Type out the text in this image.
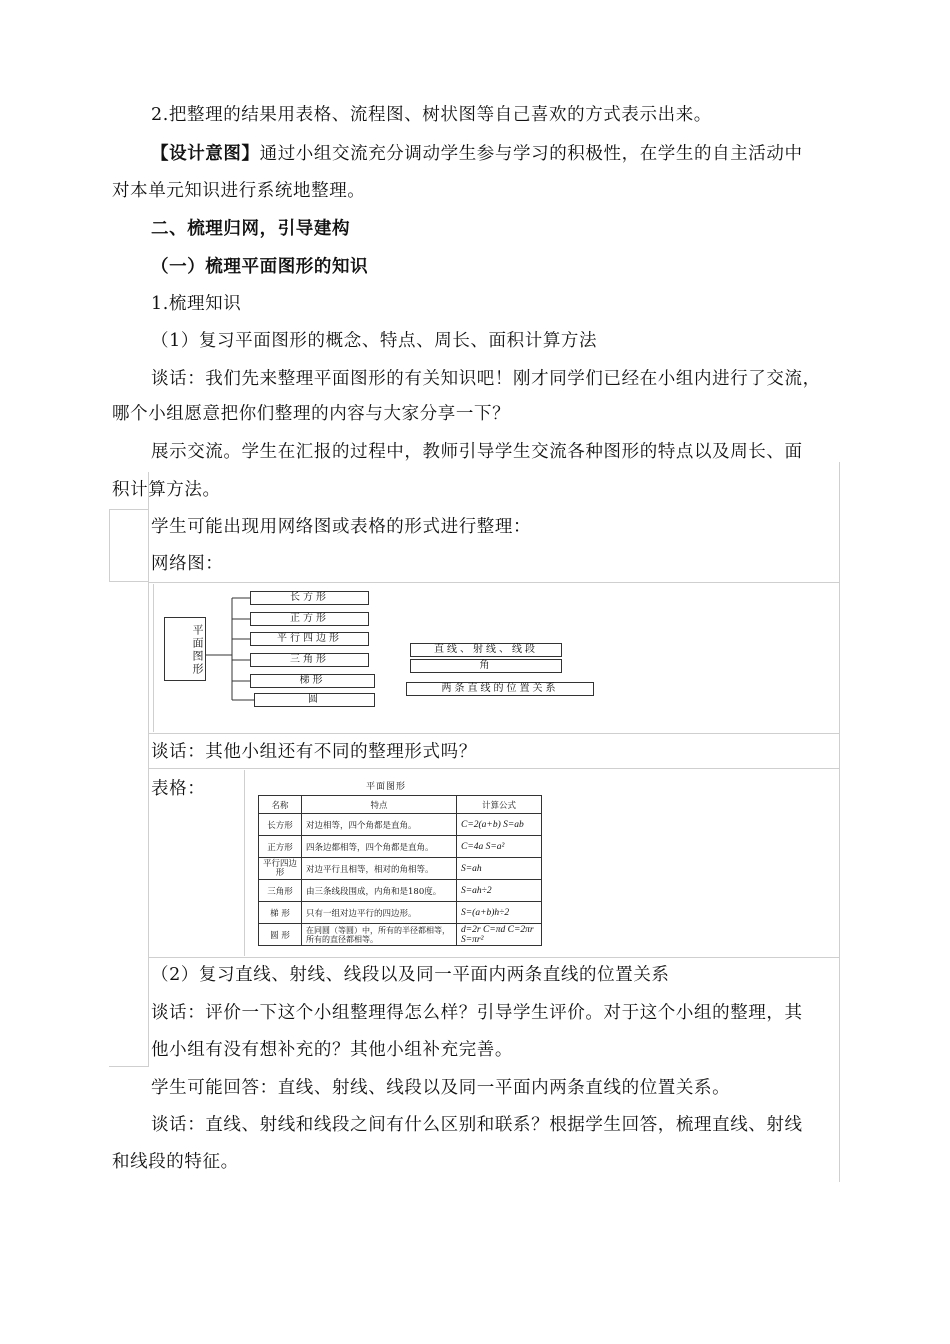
2.把整理的结果用表格、流程图、树状图等自己喜欢的方式表示出来。
【设计意图】通过小组交流充分调动学生参与学习的积极性，在学生的自主活动中
对本单元知识进行系统地整理。
二、梳理归网，引导建构
（一）梳理平面图形的知识
1.梳理知识
（1）复习平面图形的概念、特点、周长、面积计算方法
谈话：我们先来整理平面图形的有关知识吧！刚才同学们已经在小组内进行了交流，
哪个小组愿意把你们整理的内容与大家分享一下？
展示交流。学生在汇报的过程中，教师引导学生交流各种图形的特点以及周长、面
积计算方法。
学生可能出现用网络图或表格的形式进行整理：
网络图：
平面图形
长方形
正方形
平行四边形
三角形
梯形
圆
直线、射线、线段
角
两条直线的位置关系
谈话：其他小组还有不同的整理形式吗？
表格：	平面图形
名称	特点	计算公式
长方形	对边相等，四个角都是直角。	C=2(a+b) S=ab
正方形	四条边都相等，四个角都是直角。	C=4a S=a²
平行四边形	对边平行且相等，相对的角相等。	S=ah
三角形	由三条线段围成，内角和是180度。	S=ah÷2
梯 形	只有一组对边平行的四边形。	S=(a+b)h÷2
圆 形	在同圆（等圆）中，所有的半径都相等，所有的直径都相等。	d=2r C=πd C=2πr S=πr²
（2）复习直线、射线、线段以及同一平面内两条直线的位置关系
谈话：评价一下这个小组整理得怎么样？引导学生评价。对于这个小组的整理，其
他小组有没有想补充的？其他小组补充完善。
学生可能回答：直线、射线、线段以及同一平面内两条直线的位置关系。
谈话：直线、射线和线段之间有什么区别和联系？根据学生回答，梳理直线、射线
和线段的特征。
